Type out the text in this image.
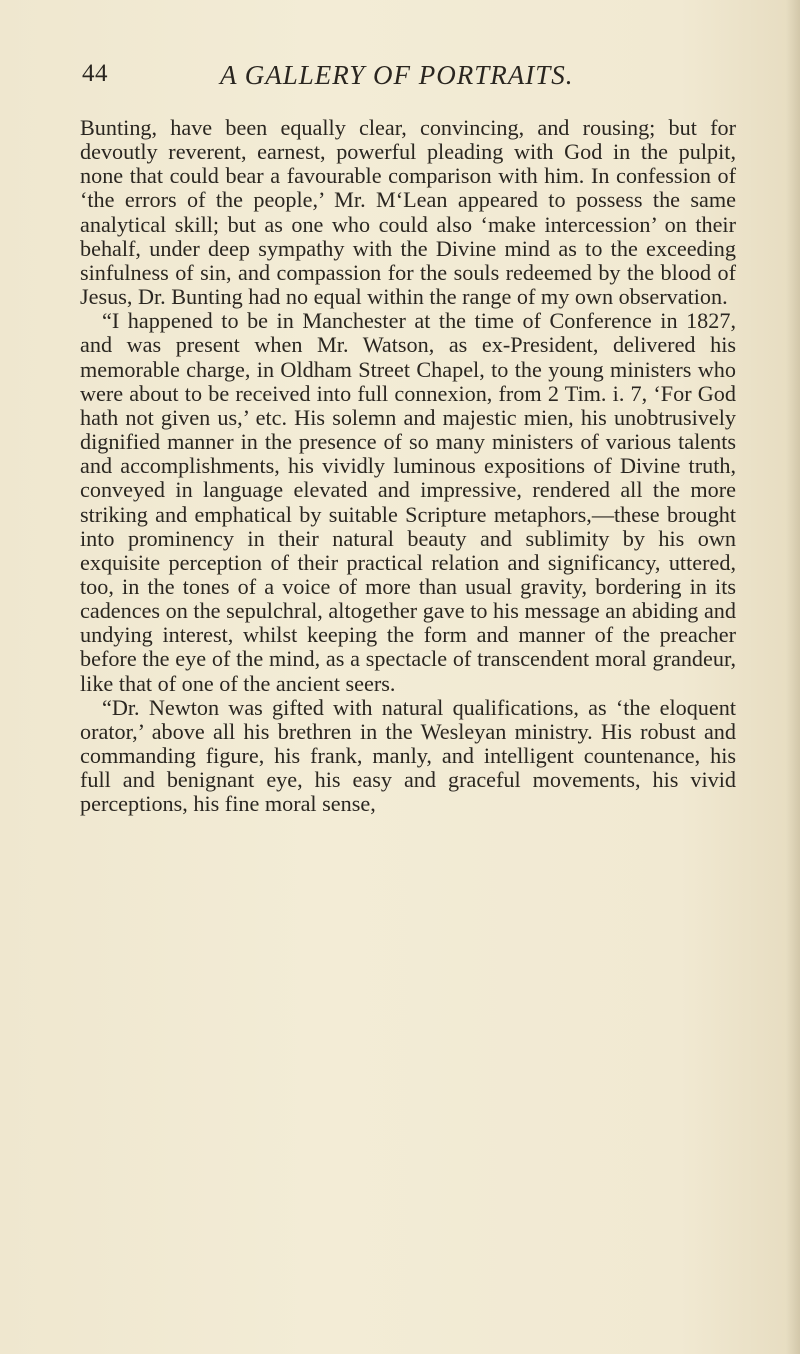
44	A GALLERY OF PORTRAITS.

Bunting, have been equally clear, convincing, and rousing; but for devoutly reverent, earnest, powerful pleading with God in the pulpit, none that could bear a favourable comparison with him. In confession of ‘the errors of the people,’ Mr. M‘Lean appeared to possess the same analytical skill; but as one who could also ‘make intercession’ on their behalf, under deep sympathy with the Divine mind as to the exceeding sinfulness of sin, and compassion for the souls redeemed by the blood of Jesus, Dr. Bunting had no equal within the range of my own observation.

“I happened to be in Manchester at the time of Conference in 1827, and was present when Mr. Watson, as ex-President, delivered his memorable charge, in Oldham Street Chapel, to the young ministers who were about to be received into full connexion, from 2 Tim. i. 7, ‘For God hath not given us,’ etc. His solemn and majestic mien, his unobtrusively dignified manner in the presence of so many ministers of various talents and accomplishments, his vividly luminous expositions of Divine truth, conveyed in language elevated and impressive, rendered all the more striking and emphatical by suitable Scripture metaphors,—these brought into prominency in their natural beauty and sublimity by his own exquisite perception of their practical relation and significancy, uttered, too, in the tones of a voice of more than usual gravity, bordering in its cadences on the sepulchral, altogether gave to his message an abiding and undying interest, whilst keeping the form and manner of the preacher before the eye of the mind, as a spectacle of transcendent moral grandeur, like that of one of the ancient seers.

“Dr. Newton was gifted with natural qualifications, as ‘the eloquent orator,’ above all his brethren in the Wesleyan ministry. His robust and commanding figure, his frank, manly, and intelligent countenance, his full and benignant eye, his easy and graceful movements, his vivid perceptions, his fine moral sense,
